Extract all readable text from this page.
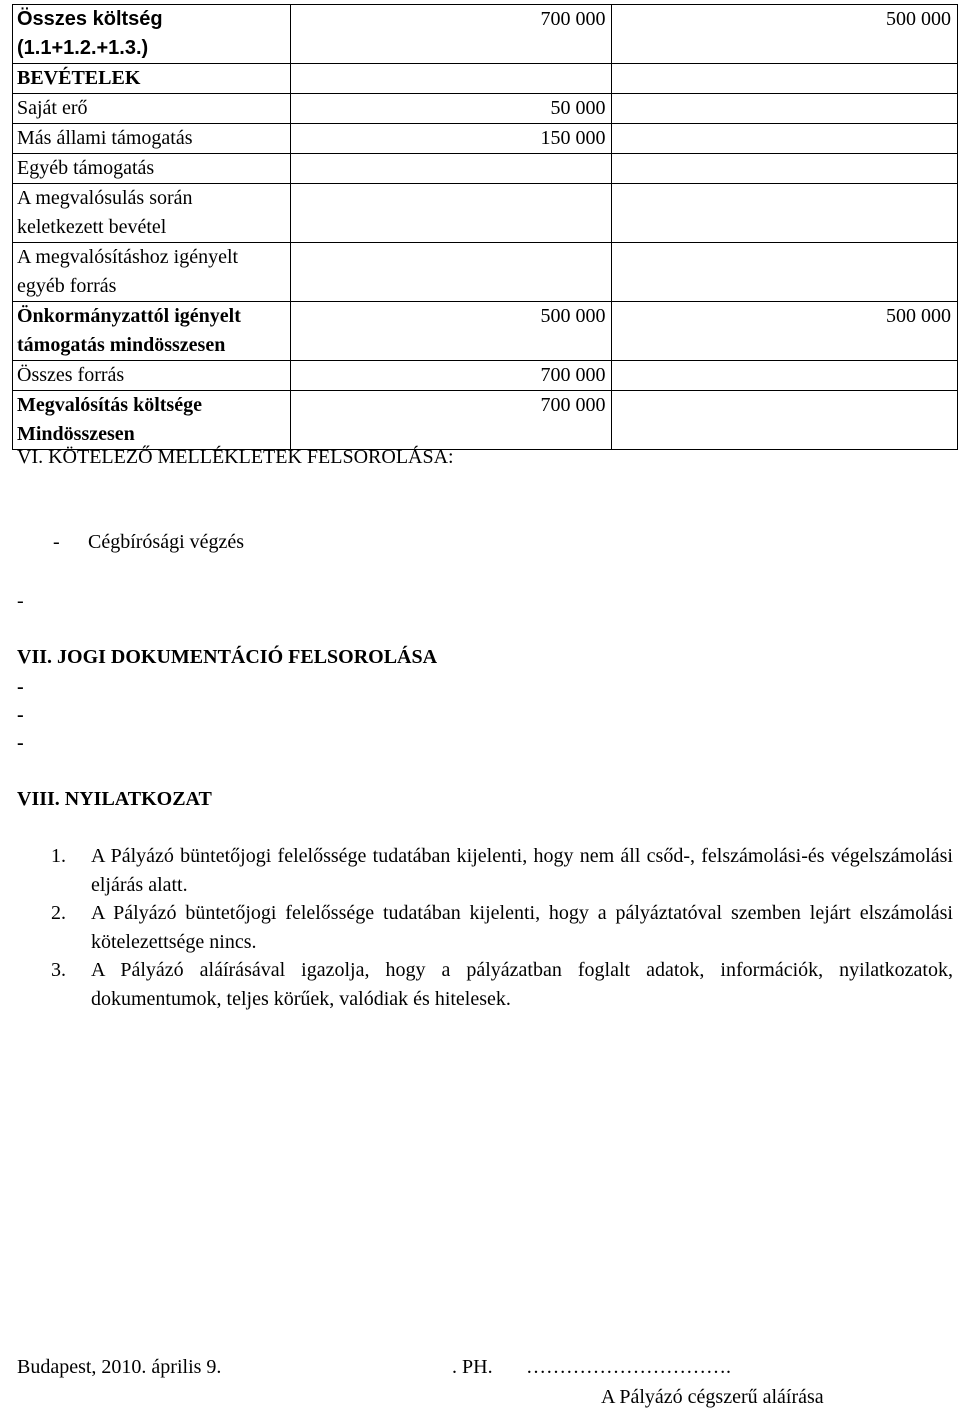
Összes költség (1.1+1.2.+1.3.)	700 000	500 000
BEVÉTELEK		
Saját erő	50 000	
Más állami támogatás	150 000	
Egyéb támogatás		
A megvalósulás során keletkezett bevétel		
A megvalósításhoz igényelt egyéb forrás		
Önkormányzattól igényelt támogatás mindösszesen	500 000	500 000
Összes forrás	700 000	
Megvalósítás költsége Mindösszesen	700 000	
VI. KÖTELEZŐ MELLÉKLETEK FELSOROLÁSA:
- Cégbírósági végzés
-
VII. JOGI DOKUMENTÁCIÓ FELSOROLÁSA
-
-
-
VIII. NYILATKOZAT
1. A Pályázó büntetőjogi felelőssége tudatában kijelenti, hogy nem áll csőd-, felszámolási-és végelszámolási eljárás alatt.
2. A Pályázó büntetőjogi felelőssége tudatában kijelenti, hogy a pályáztatóval szemben lejárt elszámolási kötelezettsége nincs.
3. A Pályázó aláírásával igazolja, hogy a pályázatban foglalt adatok, információk, nyilatkozatok, dokumentumok, teljes körűek, valódiak és hitelesek.
Budapest, 2010. április 9.	. PH. ………………………….
A Pályázó cégszerű aláírása
